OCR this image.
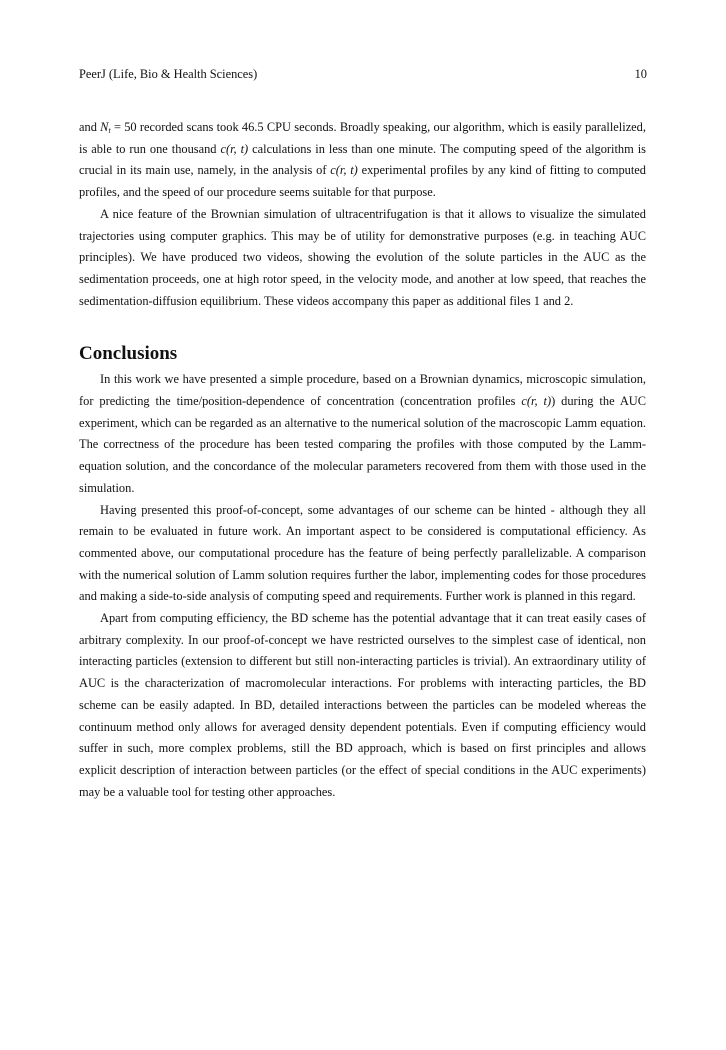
PeerJ (Life, Bio & Health Sciences)	10

and $N_t = 50$ recorded scans took 46.5 CPU seconds. Broadly speaking, our algorithm, which is easily parallelized, is able to run one thousand c(r, t) calculations in less than one minute. The computing speed of the algorithm is crucial in its main use, namely, in the analysis of c(r, t) experimental profiles by any kind of fitting to computed profiles, and the speed of our procedure seems suitable for that purpose.

A nice feature of the Brownian simulation of ultracentrifugation is that it allows to visualize the simulated trajectories using computer graphics. This may be of utility for demonstrative purposes (e.g. in teaching AUC principles). We have produced two videos, showing the evolution of the solute particles in the AUC as the sedimentation proceeds, one at high rotor speed, in the velocity mode, and another at low speed, that reaches the sedimentation-diffusion equilibrium. These videos accompany this paper as additional files 1 and 2.

Conclusions

In this work we have presented a simple procedure, based on a Brownian dynamics, microscopic simulation, for predicting the time/position-dependence of concentration (concentration profiles c(r, t)) during the AUC experiment, which can be regarded as an alternative to the numerical solution of the macroscopic Lamm equation. The correctness of the procedure has been tested comparing the profiles with those computed by the Lamm-equation solution, and the concordance of the molecular parameters recovered from them with those used in the simulation.

Having presented this proof-of-concept, some advantages of our scheme can be hinted - although they all remain to be evaluated in future work. An important aspect to be considered is computational efficiency. As commented above, our computational procedure has the feature of being perfectly parallelizable. A comparison with the numerical solution of Lamm solution requires further the labor, implementing codes for those procedures and making a side-to-side analysis of computing speed and requirements. Further work is planned in this regard.

Apart from computing efficiency, the BD scheme has the potential advantage that it can treat easily cases of arbitrary complexity. In our proof-of-concept we have restricted ourselves to the simplest case of identical, non interacting particles (extension to different but still non-interacting particles is trivial). An extraordinary utility of AUC is the characterization of macromolecular interactions. For problems with interacting particles, the BD scheme can be easily adapted. In BD, detailed interactions between the particles can be modeled whereas the continuum method only allows for averaged density dependent potentials. Even if computing efficiency would suffer in such, more complex problems, still the BD approach, which is based on first principles and allows explicit description of interaction between particles (or the effect of special conditions in the AUC experiments) may be a valuable tool for testing other approaches.
